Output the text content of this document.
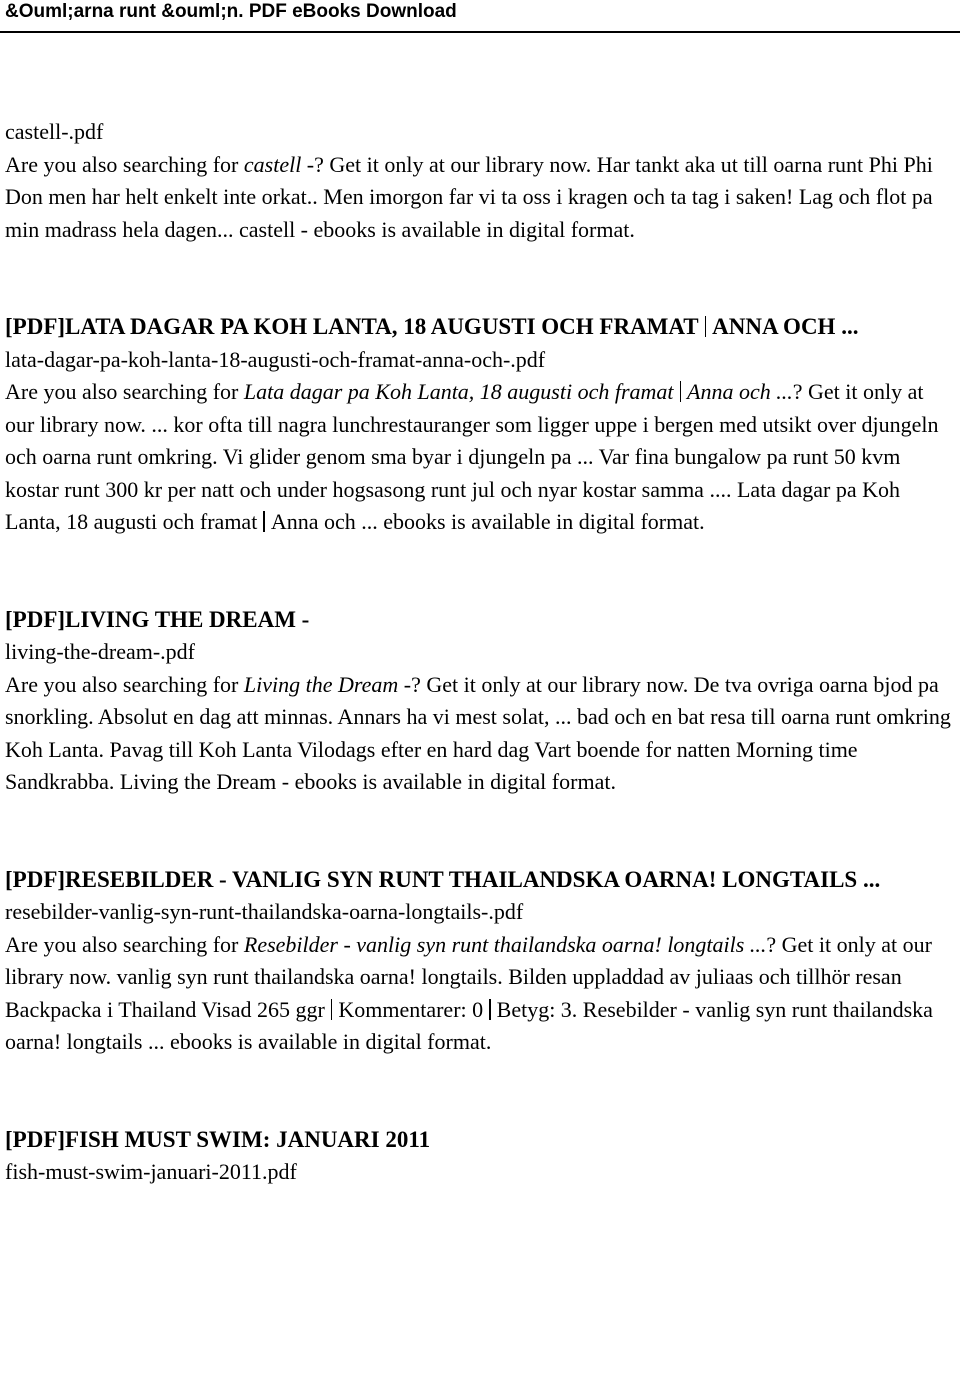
&Ouml;arna runt &ouml;n. PDF eBooks Download

castell-.pdf

Are you also searching for castell -? Get it only at our library now. Har tankt aka ut till oarna runt Phi Phi Don men har helt enkelt inte orkat.. Men imorgon far vi ta oss i kragen och ta tag i saken! Lag och flot pa min madrass hela dagen... castell - ebooks is available in digital format.

[PDF]LATA DAGAR PA KOH LANTA, 18 AUGUSTI OCH FRAMAT ANNA OCH ...

lata-dagar-pa-koh-lanta-18-augusti-och-framat-anna-och-.pdf

Are you also searching for Lata dagar pa Koh Lanta, 18 augusti och framat Anna och ...? Get it only at our library now. ... kor ofta till nagra lunchrestauranger som ligger uppe i bergen med utsikt over djungeln och oarna runt omkring. Vi glider genom sma byar i djungeln pa ... Var fina bungalow pa runt 50 kvm kostar runt 300 kr per natt och under hogsasong runt jul och nyar kostar samma .... Lata dagar pa Koh Lanta, 18 augusti och framat Anna och ... ebooks is available in digital format.

[PDF]LIVING THE DREAM -

living-the-dream-.pdf

Are you also searching for Living the Dream -? Get it only at our library now. De tva ovriga oarna bjod pa snorkling. Absolut en dag att minnas. Annars ha vi mest solat, ... bad och en bat resa till oarna runt omkring Koh Lanta. Pavag till Koh Lanta Vilodags efter en hard dag Vart boende for natten Morning time Sandkrabba. Living the Dream - ebooks is available in digital format.

[PDF]RESEBILDER - VANLIG SYN RUNT THAILANDSKA OARNA! LONGTAILS ...

resebilder-vanlig-syn-runt-thailandska-oarna-longtails-.pdf

Are you also searching for Resebilder - vanlig syn runt thailandska oarna! longtails ...? Get it only at our library now. vanlig syn runt thailandska oarna! longtails. Bilden uppladdad av juliaas och tillhör resan Backpacka i Thailand Visad 265 ggr Kommentarer: 0 Betyg: 3. Resebilder - vanlig syn runt thailandska oarna! longtails ... ebooks is available in digital format.

[PDF]FISH MUST SWIM: JANUARI 2011

fish-must-swim-januari-2011.pdf
